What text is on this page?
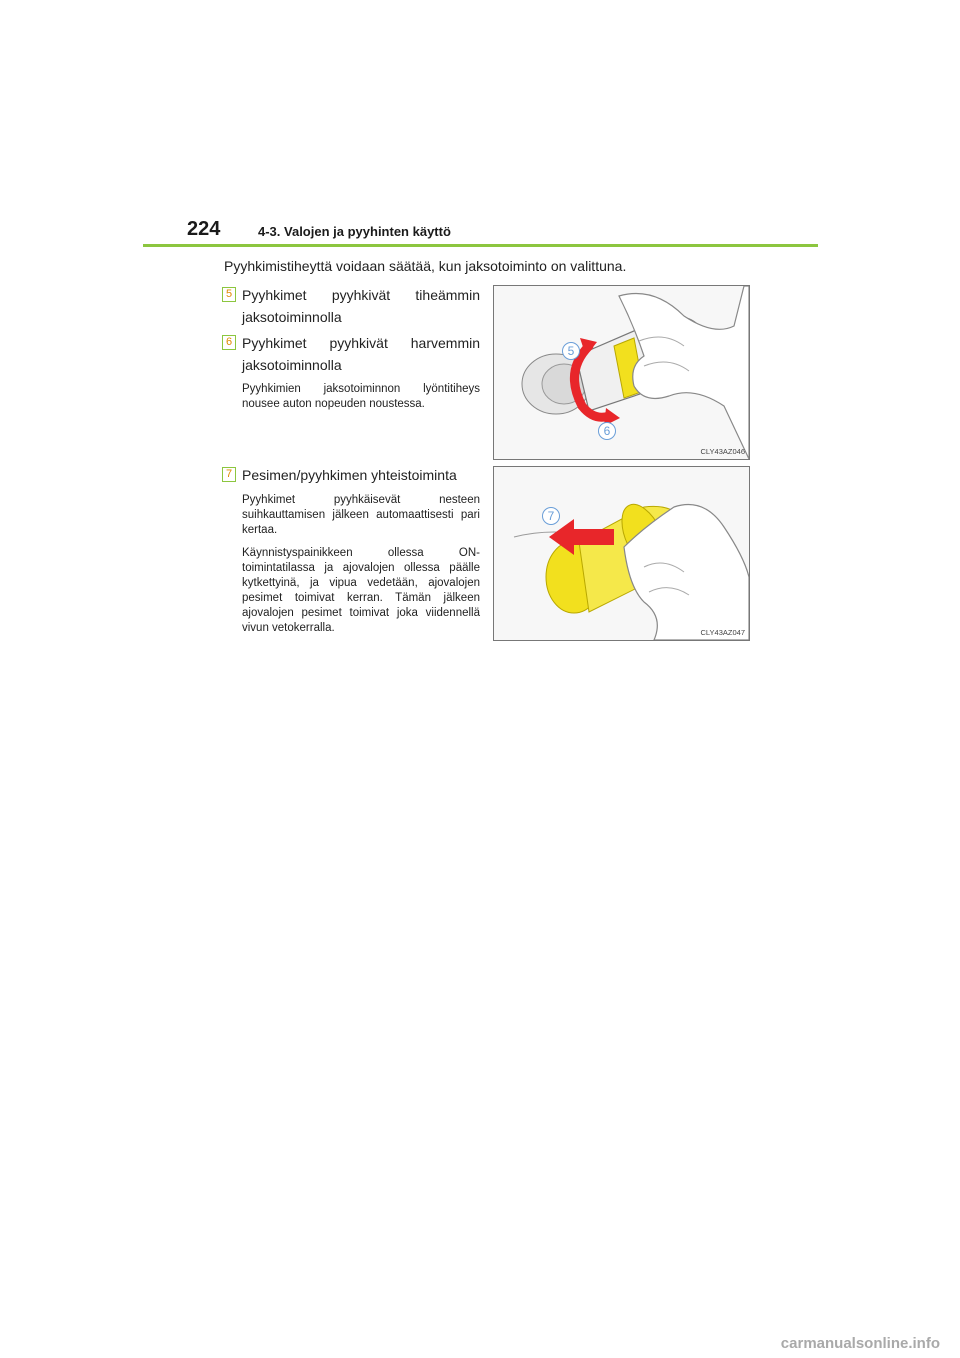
224	4-3. Valojen ja pyyhinten käyttö
Pyyhkimistiheyttä voidaan säätää, kun jaksotoiminto on valittuna.
5 Pyyhkimet pyyhkivät tiheämmin jaksotoiminnolla
6 Pyyhkimet pyyhkivät harvemmin jaksotoiminnolla
Pyyhkimien jaksotoiminnon lyöntitiheys nousee auton nopeuden noustessa.
7 Pesimen/pyyhkimen yhteistoiminta
Pyyhkimet pyyhkäisevät nesteen suihkauttamisen jälkeen automaattisesti pari kertaa.
Käynnistyspainikkeen ollessa ON-toimintatilassa ja ajovalojen ollessa päälle kytkettyinä, ja vipua vedetään, ajovalojen pesimet toimivat kerran. Tämän jälkeen ajovalojen pesimet toimivat joka viidennellä vivun vetokerralla.
5
6
CLY43AZ046
7
CLY43AZ047
carmanualsonline.info
